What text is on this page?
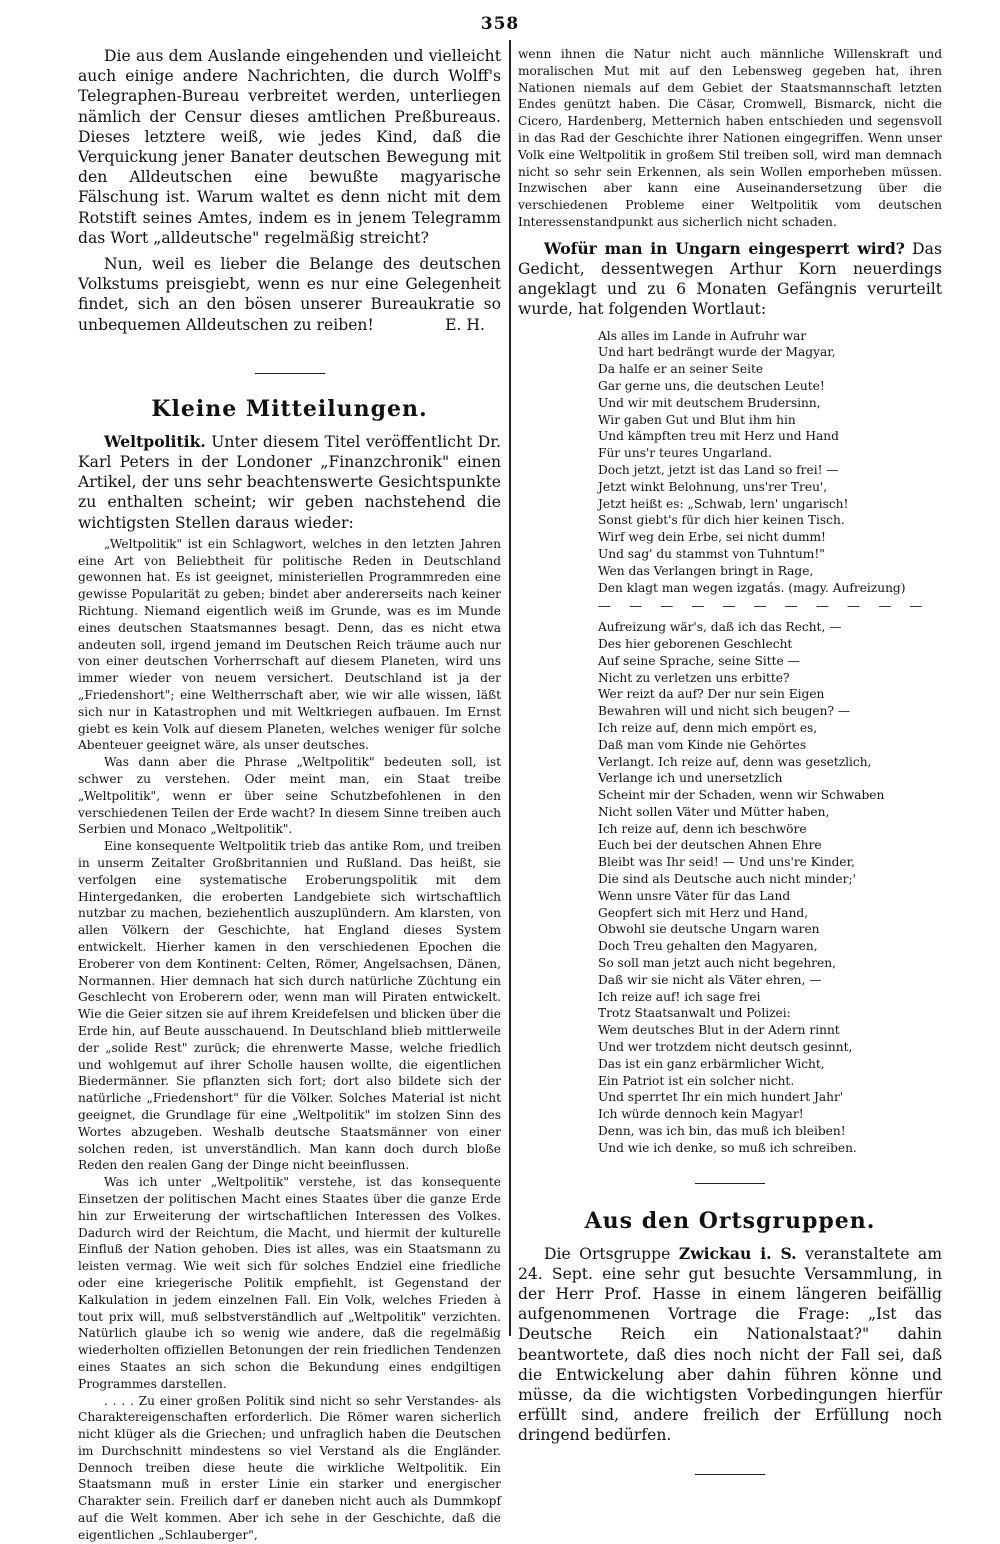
358

Die aus dem Auslande eingehenden und vielleicht auch einige andere Nachrichten, die durch Wolff's Telegraphen-Bureau verbreitet werden, unterliegen nämlich der Censur dieses amtlichen Preßbureaus. Dieses letztere weiß, wie jedes Kind, daß die Verquickung jener Banater deutschen Bewegung mit den Alldeutschen eine bewußte magyarische Fälschung ist. Warum waltet es denn nicht mit dem Rotstift seines Amtes, indem es in jenem Telegramm das Wort „alldeutsche" regelmäßig streicht?

Nun, weil es lieber die Belange des deutschen Volkstums preisgiebt, wenn es nur eine Gelegenheit findet, sich an den bösen unserer Bureaukratie so unbequemen Alldeutschen zu reiben!	E. H.

Kleine Mitteilungen.

Weltpolitik. Unter diesem Titel veröffentlicht Dr. Karl Peters in der Londoner „Finanzchronik" einen Artikel, der uns sehr beachtenswerte Gesichtspunkte zu enthalten scheint; wir geben nachstehend die wichtigsten Stellen daraus wieder:

„Weltpolitik" ist ein Schlagwort, welches in den letzten Jahren eine Art von Beliebtheit für politische Reden in Deutschland gewonnen hat. Es ist geeignet, ministeriellen Programmreden eine gewisse Popularität zu geben; bindet aber andererseits nach keiner Richtung. Niemand eigentlich weiß im Grunde, was es im Munde eines deutschen Staatsmannes besagt. Denn, das es nicht etwa andeuten soll, irgend jemand im Deutschen Reich träume auch nur von einer deutschen Vorherrschaft auf diesem Planeten, wird uns immer wieder von neuem versichert. Deutschland ist ja der „Friedenshort"; eine Weltherrschaft aber, wie wir alle wissen, läßt sich nur in Katastrophen und mit Weltkriegen aufbauen. Im Ernst giebt es kein Volk auf diesem Planeten, welches weniger für solche Abenteuer geeignet wäre, als unser deutsches.

Was dann aber die Phrase „Weltpolitik" bedeuten soll, ist schwer zu verstehen. Oder meint man, ein Staat treibe „Weltpolitik", wenn er über seine Schutzbefohlenen in den verschiedenen Teilen der Erde wacht? In diesem Sinne treiben auch Serbien und Monaco „Weltpolitik".

Eine konsequente Weltpolitik trieb das antike Rom, und treiben in unserm Zeitalter Großbritannien und Rußland. Das heißt, sie verfolgen eine systematische Eroberungspolitik mit dem Hintergedanken, die eroberten Landgebiete sich wirtschaftlich nutzbar zu machen, beziehentlich auszuplündern. Am klarsten, von allen Völkern der Geschichte, hat England dieses System entwickelt. Hierher kamen in den verschiedenen Epochen die Eroberer von dem Kontinent: Celten, Römer, Angelsachsen, Dänen, Normannen. Hier demnach hat sich durch natürliche Züchtung ein Geschlecht von Eroberern oder, wenn man will Piraten entwickelt. Wie die Geier sitzen sie auf ihrem Kreidefelsen und blicken über die Erde hin, auf Beute ausschauend. In Deutschland blieb mittlerweile der „solide Rest" zurück; die ehrenwerte Masse, welche friedlich und wohlgemut auf ihrer Scholle hausen wollte, die eigentlichen Biedermänner. Sie pflanzten sich fort; dort also bildete sich der natürliche „Friedenshort" für die Völker. Solches Material ist nicht geeignet, die Grundlage für eine „Weltpolitik" im stolzen Sinn des Wortes abzugeben. Weshalb deutsche Staatsmänner von einer solchen reden, ist unverständlich. Man kann doch durch bloße Reden den realen Gang der Dinge nicht beeinflussen.

Was ich unter „Weltpolitik" verstehe, ist das konsequente Einsetzen der politischen Macht eines Staates über die ganze Erde hin zur Erweiterung der wirtschaftlichen Interessen des Volkes. Dadurch wird der Reichtum, die Macht, und hiermit der kulturelle Einfluß der Nation gehoben. Dies ist alles, was ein Staatsmann zu leisten vermag. Wie weit sich für solches Endziel eine friedliche oder eine kriegerische Politik empfiehlt, ist Gegenstand der Kalkulation in jedem einzelnen Fall. Ein Volk, welches Frieden à tout prix will, muß selbstverständlich auf „Weltpolitik" verzichten. Natürlich glaube ich so wenig wie andere, daß die regelmäßig wiederholten offiziellen Betonungen der rein friedlichen Tendenzen eines Staates an sich schon die Bekundung eines endgiltigen Programmes darstellen.

. . . . Zu einer großen Politik sind nicht so sehr Verstandes- als Charaktereigenschaften erforderlich. Die Römer waren sicherlich nicht klüger als die Griechen; und unfraglich haben die Deutschen im Durchschnitt mindestens so viel Verstand als die Engländer. Dennoch treiben diese heute die wirkliche Weltpolitik. Ein Staatsmann muß in erster Linie ein starker und energischer Charakter sein. Freilich darf er daneben nicht auch als Dummkopf auf die Welt kommen. Aber ich sehe in der Geschichte, daß die eigentlichen „Schlauberger",

wenn ihnen die Natur nicht auch männliche Willenskraft und moralischen Mut mit auf den Lebensweg gegeben hat, ihren Nationen niemals auf dem Gebiet der Staatsmannschaft letzten Endes genützt haben. Die Cäsar, Cromwell, Bismarck, nicht die Cicero, Hardenberg, Metternich haben entschieden und segensvoll in das Rad der Geschichte ihrer Nationen eingegriffen. Wenn unser Volk eine Weltpolitik in großem Stil treiben soll, wird man demnach nicht so sehr sein Erkennen, als sein Wollen emporheben müssen. Inzwischen aber kann eine Auseinandersetzung über die verschiedenen Probleme einer Weltpolitik vom deutschen Interessenstandpunkt aus sicherlich nicht schaden.

Wofür man in Ungarn eingesperrt wird? Das Gedicht, dessentwegen Arthur Korn neuerdings angeklagt und zu 6 Monaten Gefängnis verurteilt wurde, hat folgenden Wortlaut:

Als alles im Lande in Aufruhr war
Und hart bedrängt wurde der Magyar,
Da halfe er an seiner Seite
Gar gerne uns, die deutschen Leute!
Und wir mit deutschem Brudersinn,
Wir gaben Gut und Blut ihm hin
Und kämpften treu mit Herz und Hand
Für uns'r teures Ungarland.
Doch jetzt, jetzt ist das Land so frei! —
Jetzt winkt Belohnung, uns'rer Treu',
Jetzt heißt es: „Schwab, lern' ungarisch!
Sonst giebt's für dich hier keinen Tisch.
Wirf weg dein Erbe, sei nicht dumm!
Und sag' du stammst von Tuhntum!"
Wen das Verlangen bringt in Rage,
Den klagt man wegen izgatás. (magy. Aufreizung)
— — — — — — — — — — —
Aufreizung wär's, daß ich das Recht, —
Des hier geborenen Geschlecht
Auf seine Sprache, seine Sitte —
Nicht zu verletzen uns erbitte?
Wer reizt da auf? Der nur sein Eigen
Bewahren will und nicht sich beugen? —
Ich reize auf, denn mich empört es,
Daß man vom Kinde nie Gehörtes
Verlangt. Ich reize auf, denn was gesetzlich,
Verlange ich und unersetzlich
Scheint mir der Schaden, wenn wir Schwaben
Nicht sollen Väter und Mütter haben,
Ich reize auf, denn ich beschwöre
Euch bei der deutschen Ahnen Ehre
Bleibt was Ihr seid! — Und uns're Kinder,
Die sind als Deutsche auch nicht minder;'
Wenn unsre Väter für das Land
Geopfert sich mit Herz und Hand,
Obwohl sie deutsche Ungarn waren
Doch Treu gehalten den Magyaren,
So soll man jetzt auch nicht begehren,
Daß wir sie nicht als Väter ehren, —
Ich reize auf! ich sage frei
Trotz Staatsanwalt und Polizei:
Wem deutsches Blut in der Adern rinnt
Und wer trotzdem nicht deutsch gesinnt,
Das ist ein ganz erbärmlicher Wicht,
Ein Patriot ist ein solcher nicht.
Und sperrtet Ihr ein mich hundert Jahr'
Ich würde dennoch kein Magyar!
Denn, was ich bin, das muß ich bleiben!
Und wie ich denke, so muß ich schreiben.
Aus den Ortsgruppen.

Die Ortsgruppe Zwickau i. S. veranstaltete am 24. Sept. eine sehr gut besuchte Versammlung, in der Herr Prof. Hasse in einem längeren beifällig aufgenommenen Vortrage die Frage: „Ist das Deutsche Reich ein Nationalstaat?" dahin beantwortete, daß dies noch nicht der Fall sei, daß die Entwickelung aber dahin führen könne und müsse, da die wichtigsten Vorbedingungen hierfür erfüllt sind, andere freilich der Erfüllung noch dringend bedürfen.
